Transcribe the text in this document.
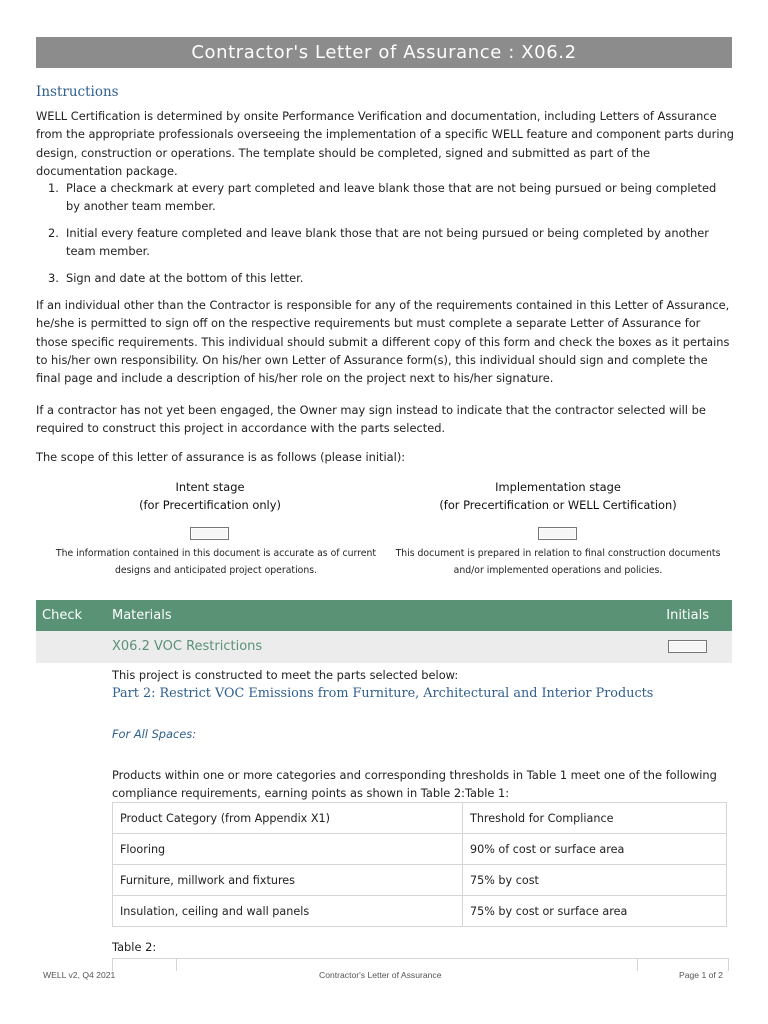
Contractor's Letter of Assurance : X06.2
Instructions

WELL Certification is determined by onsite Performance Verification and documentation, including Letters of Assurance from the appropriate professionals overseeing the implementation of a specific WELL feature and component parts during design, construction or operations. The template should be completed, signed and submitted as part of the documentation package.

1. Place a checkmark at every part completed and leave blank those that are not being pursued or being completed by another team member.
2. Initial every feature completed and leave blank those that are not being pursued or being completed by another team member.
3. Sign and date at the bottom of this letter.

If an individual other than the Contractor is responsible for any of the requirements contained in this Letter of Assurance, he/she is permitted to sign off on the respective requirements but must complete a separate Letter of Assurance for those specific requirements. This individual should submit a different copy of this form and check the boxes as it pertains to his/her own responsibility. On his/her own Letter of Assurance form(s), this individual should sign and complete the final page and include a description of his/her role on the project next to his/her signature.

If a contractor has not yet been engaged, the Owner may sign instead to indicate that the contractor selected will be required to construct this project in accordance with the parts selected.

The scope of this letter of assurance is as follows (please initial):

Intent stage
(for Precertification only)
The information contained in this document is accurate as of current
designs and anticipated project operations.
Implementation stage
(for Precertification or WELL Certification)
This document is prepared in relation to final construction documents
and/or implemented operations and policies.
Check Materials	Initials
X06.2 VOC Restrictions
This project is constructed to meet the parts selected below:
Part 2: Restrict VOC Emissions from Furniture, Architectural and Interior Products
For All Spaces:
Products within one or more categories and corresponding thresholds in Table 1 meet one of the following compliance requirements, earning points as shown in Table 2:Table 1:
Product Category (from Appendix X1)	Threshold for Compliance
Flooring	90% of cost or surface area
Furniture, millwork and fixtures	75% by cost
Insulation, ceiling and wall panels	75% by cost or surface area
Table 2:
WELL v2, Q4 2021	Contractor's Letter of Assurance	Page 1 of 2
